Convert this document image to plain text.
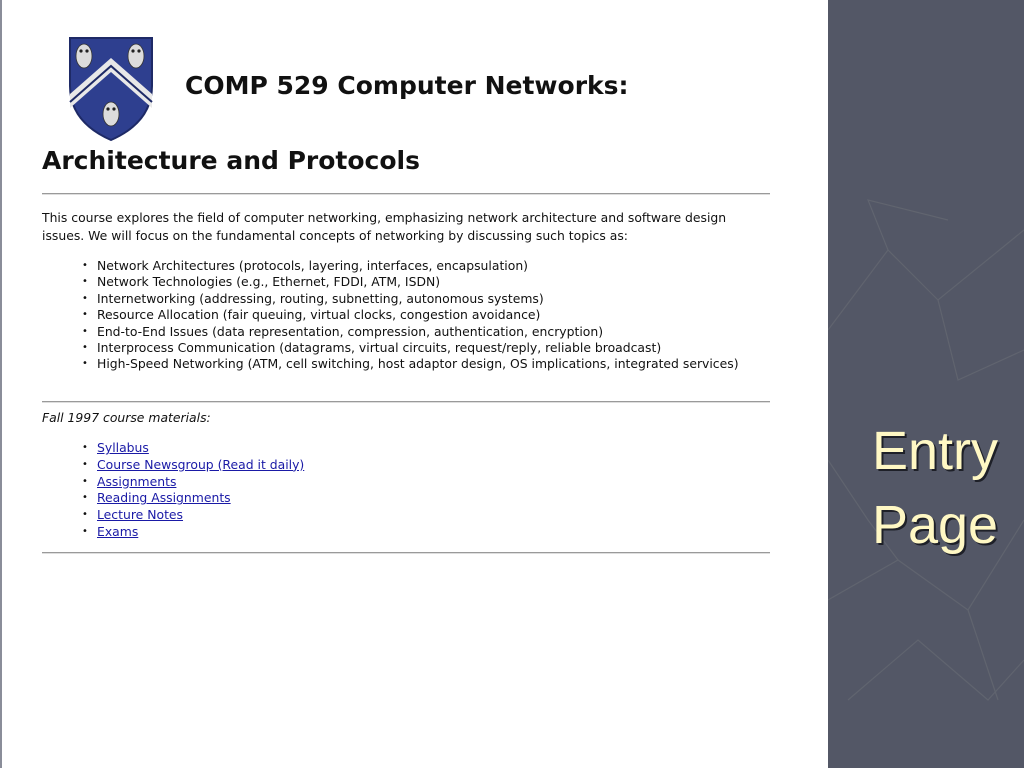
COMP 529 Computer Networks:
Architecture and Protocols

This course explores the field of computer networking, emphasizing network architecture and software design issues. We will focus on the fundamental concepts of networking by discussing such topics as:

• Network Architectures (protocols, layering, interfaces, encapsulation)
• Network Technologies (e.g., Ethernet, FDDI, ATM, ISDN)
• Internetworking (addressing, routing, subnetting, autonomous systems)
• Resource Allocation (fair queuing, virtual clocks, congestion avoidance)
• End-to-End Issues (data representation, compression, authentication, encryption)
• Interprocess Communication (datagrams, virtual circuits, request/reply, reliable broadcast)
• High-Speed Networking (ATM, cell switching, host adaptor design, OS implications, integrated services)

Fall 1997 course materials:

• Syllabus
• Course Newsgroup (Read it daily)
• Assignments
• Reading Assignments
• Lecture Notes
• Exams
Entry
Page
